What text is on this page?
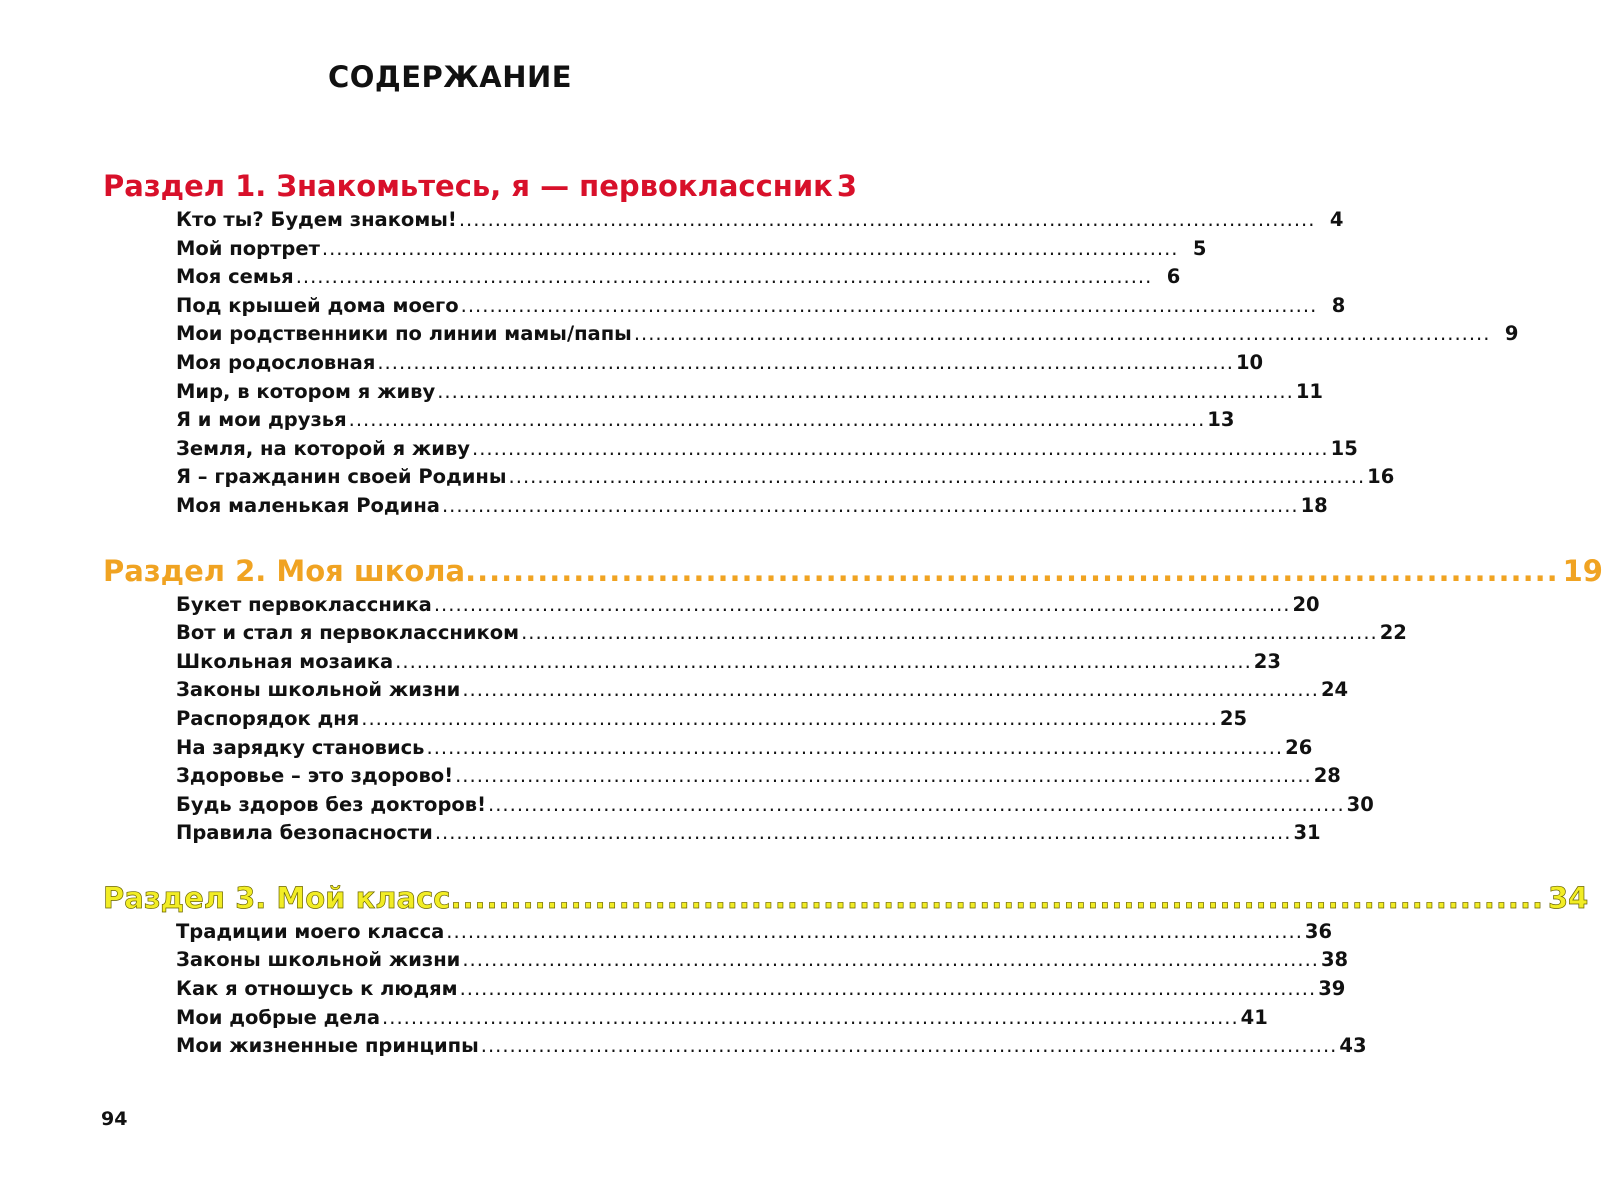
СОДЕРЖАНИЕ
Раздел 1. Знакомьтесь, я — первоклассник 3
Кто ты? Будем знакомы! ....................................................................................................................... 4
Мой портрет ....................................................................................................................... 5
Моя семья ....................................................................................................................... 6
Под крышей дома моего ....................................................................................................................... 8
Мои родственники по линии мамы/папы ....................................................................................................................... 9
Моя родословная ....................................................................................................................... 10
Мир, в котором я живу ....................................................................................................................... 11
Я и мои друзья ....................................................................................................................... 13
Земля, на которой я живу ....................................................................................................................... 15
Я – гражданин своей Родины ....................................................................................................................... 16
Моя маленькая Родина ....................................................................................................................... 18
Раздел 2. Моя школа ........................................................................................... 19
Букет первоклассника ....................................................................................................................... 20
Вот и стал я первоклассником ....................................................................................................................... 22
Школьная мозаика ....................................................................................................................... 23
Законы школьной жизни ....................................................................................................................... 24
Распорядок дня ....................................................................................................................... 25
На зарядку становись ....................................................................................................................... 26
Здоровье – это здорово! ....................................................................................................................... 28
Будь здоров без докторов! ....................................................................................................................... 30
Правила безопасности ....................................................................................................................... 31
Раздел 3. Мой класс ........................................................................................... 34
Традиции моего класса ....................................................................................................................... 36
Законы школьной жизни ....................................................................................................................... 38
Как я отношусь к людям ....................................................................................................................... 39
Мои добрые дела ....................................................................................................................... 41
Мои жизненные принципы ....................................................................................................................... 43
94
